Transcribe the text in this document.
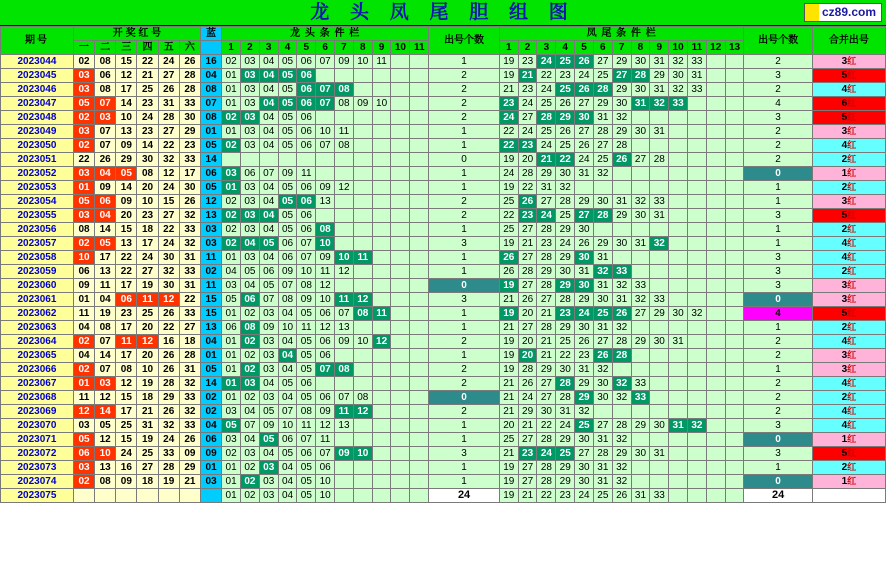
龙 头 凤 尾 胆 组 图	cz89.com
期号	开 奖 红 号						蓝	龙 头 条 件 栏											出号个数	凤 尾 条 件 栏													出号个数	合并出号
	一	二	三	四	五	六		1	2	3	4	5	6	7	8	9	10	11		1	2	3	4	5	6	7	8	9	10	11	12	13		
2023044	02	08	15	22	24	26	16	02	03	04	05	06	07	09	10	11			1	19	23	24	25	26	27	29	30	31	32	33			2	3红
2023045	03	06	12	21	27	28	04	01	03	04	05	06							2	19	21	22	23	24	25	27	28	29	30	31			3	5红
2023046	03	08	17	25	26	28	08	01	03	04	05	06	07	08					2	21	23	24	25	26	28	29	30	31	32	33			2	4红
2023047	05	07	14	23	31	33	07	01	03	04	05	06	07	08	09	10			2	23	24	25	26	27	29	30	31	32	33				4	6红
2023048	02	03	10	24	28	30	08	02	03	04	05	06							2	24	27	28	29	30	31	32							3	5红
2023049	03	07	13	23	27	29	01	01	03	04	05	06	10	11					1	22	24	25	26	27	28	29	30	31					2	3红
2023050	02	07	09	14	22	23	05	02	03	04	05	06	07	08					1	22	23	24	25	26	27	28							2	4红
2023051	22	26	29	30	32	33	14												0	19	20	21	22	24	25	26	27	28					2	2红
2023052	03	04	05	08	12	17	06	03	06	07	09	11							1	24	28	29	30	31	32								0	1红
2023053	01	09	14	20	24	30	05	01	03	04	05	06	09	12					1	19	22	31	32										1	2红
2023054	05	06	09	10	15	26	12	02	03	04	05	06	13						2	25	26	27	28	29	30	31	32	33					1	3红
2023055	03	04	20	23	27	32	13	02	03	04	05	06							2	22	23	24	25	27	28	29	30	31					3	5红
2023056	08	14	15	18	22	33	03	02	03	04	05	06	08						1	25	27	28	29	30									1	2红
2023057	02	05	13	17	24	32	03	02	04	05	06	07	10						3	19	21	23	24	26	29	30	31	32					1	4红
2023058	10	17	22	24	30	31	11	01	03	04	06	07	09	10	11				1	26	27	28	29	30	31								3	4红
2023059	06	13	22	27	32	33	02	04	05	06	09	10	11	12					1	26	28	29	30	31	32	33							3	2红
2023060	09	11	17	19	30	31	11	03	04	05	07	08	12						0	19	27	28	29	30	31	32	33						3	3红
2023061	01	04	06	11	12	22	15	05	06	07	08	09	10	11	12				3	21	26	27	28	29	30	31	32	33					0	3红
2023062	11	19	23	25	26	33	15	01	02	03	04	05	06	07	08	11			1	19	20	21	23	24	25	26	27	29	30	32			4	5红
2023063	04	08	17	20	22	27	13	06	08	09	10	11	12	13					1	21	27	28	29	30	31	32							1	2红
2023064	02	07	11	12	16	18	04	01	02	03	04	05	06	09	10	12			2	19	20	21	25	26	27	28	29	30	31				2	4红
2023065	04	14	17	20	26	28	01	01	02	03	04	05	06						1	19	20	21	22	23	26	28							2	3红
2023066	02	07	08	10	26	31	05	01	02	03	04	05	07	08					2	19	28	29	30	31	32								1	3红
2023067	01	03	12	19	28	32	14	01	03	04	05	06							2	21	26	27	28	29	30	32	33						2	4红
2023068	11	12	15	18	29	33	02	01	02	03	04	05	06	07	08				0	21	24	27	28	29	30	32	33						2	2红
2023069	12	14	17	21	26	32	02	03	04	05	07	08	09	11	12				2	21	29	30	31	32									2	4红
2023070	03	05	25	31	32	33	04	05	07	09	10	11	12	13					1	20	21	22	24	25	27	28	29	30	31	32			3	4红
2023071	05	12	15	19	24	26	06	03	04	05	06	07	11						1	25	27	28	29	30	31	32							0	1红
2023072	06	10	24	25	33	09	09	02	03	04	05	06	07	09	10				3	21	23	24	25	27	28	29	30	31					3	5红
2023073	03	13	16	27	28	29	01	01	02	03	04	05	06						1	19	27	28	29	30	31	32							1	2红
2023074	02	08	09	18	19	21	03	01	02	03	04	05	10						1	19	27	28	29	30	31	32							0	1红
2023075								01	02	03	04	05	10						24	19	21	22	23	24	25	26	31	33					24	
